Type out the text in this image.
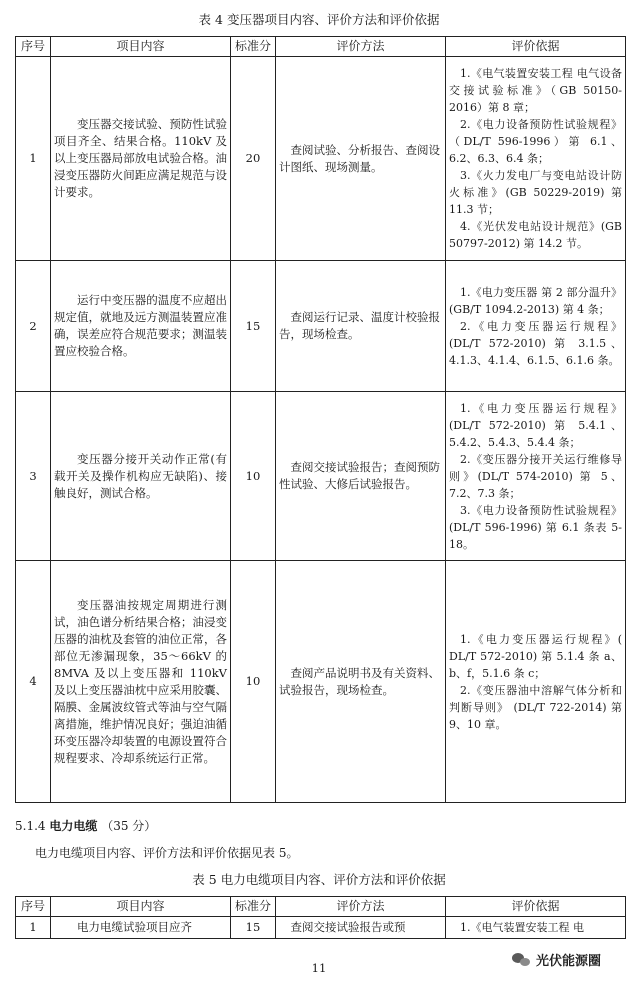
表 4 变压器项目内容、评价方法和评价依据
序号	项目内容	标准分	评价方法	评价依据
1	变压器交接试验、预防性试验项目齐全、结果合格。110kV 及以上变压器局部放电试验合格。油浸变压器防火间距应满足规范与设计要求。	20	查阅试验、分析报告、查阅设计图纸、现场测量。	1.《电气装置安装工程 电气设备交接试验标准》（GB 50150-2016）第 8 章；
2.《电力设备预防性试验规程》（DL/T 596-1996）第 6.1、6.2、6.3、6.4 条；
3.《火力发电厂与变电站设计防火标准》(GB 50229-2019) 第 11.3 节；
4.《光伏发电站设计规范》(GB 50797-2012) 第 14.2 节。

2	运行中变压器的温度不应超出规定值，就地及远方测温装置应准确，误差应符合规范要求；测温装置应校验合格。	15	查阅运行记录、温度计校验报告，现场检查。	1.《电力变压器 第 2 部分温升》 (GB/T 1094.2-2013) 第 4 条；
2.《电力变压器运行规程》(DL/T 572-2010) 第 3.1.5、4.1.3、4.1.4、6.1.5、6.1.6 条。

3	变压器分接开关动作正常(有载开关及操作机构应无缺陷)、接触良好，测试合格。	10	查阅交接试验报告；查阅预防性试验、大修后试验报告。	1.《电力变压器运行规程》(DL/T 572-2010) 第 5.4.1、5.4.2、5.4.3、5.4.4 条；
2.《变压器分接开关运行维修导则》(DL/T 574-2010) 第 5、7.2、7.3 条；
3.《电力设备预防性试验规程》(DL/T 596-1996) 第 6.1 条表 5-18。

4	变压器油按规定周期进行测试，油色谱分析结果合格；油浸变压器的油枕及套管的油位正常，各部位无渗漏现象，35～66kV 的 8MVA 及以上变压器和 110kV 及以上变压器油枕中应采用胶囊、隔膜、金属波纹管式等油与空气隔离措施，维护情况良好；强迫油循环变压器冷却装置的电源设置符合规程要求、冷却系统运行正常。	10	查阅产品说明书及有关资料、试验报告，现场检查。	1.《电力变压器运行规程》( DL/T 572-2010) 第 5.1.4 条 a、b、f，5.1.6 条 c；
2.《变压器油中溶解气体分析和判断导则》 (DL/T 722-2014) 第 9、10 章。
5.1.4 电力电缆 （35 分）
电力电缆项目内容、评价方法和评价依据见表 5。
表 5 电力电缆项目内容、评价方法和评价依据
序号	项目内容	标准分	评价方法	评价依据
1	电力电缆试验项目应齐	15	查阅交接试验报告或预	1.《电气装置安装工程 电
11	光伏能源圈
